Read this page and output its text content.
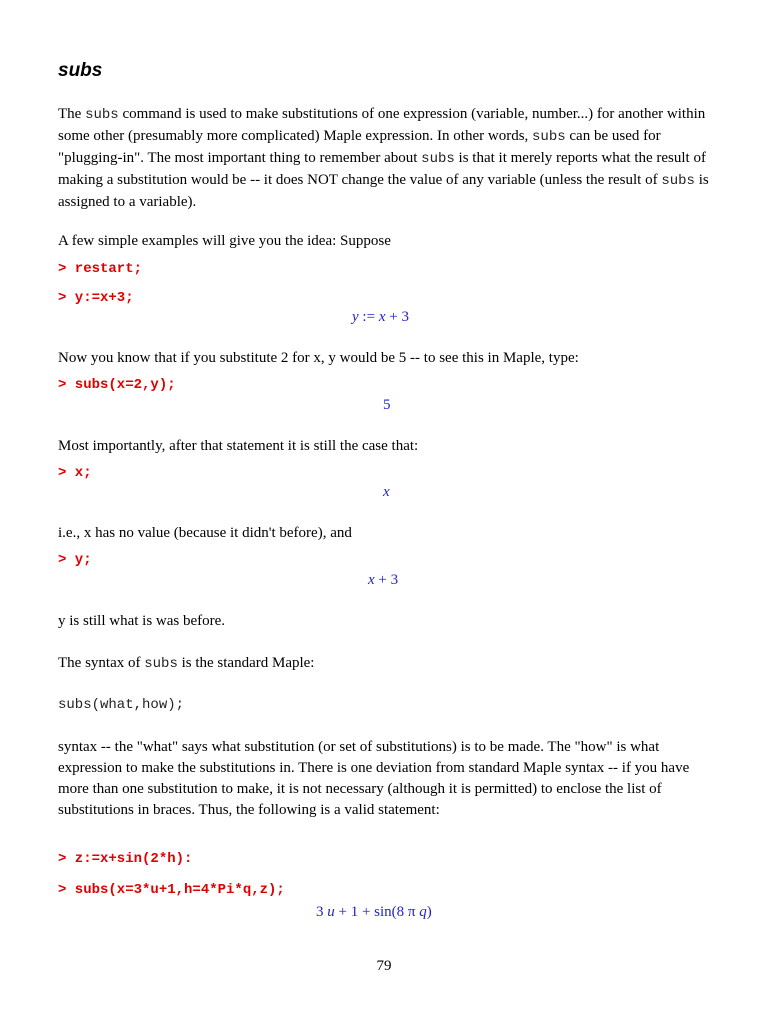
subs

The subs command is used to make substitutions of one expression (variable, number...) for another within some other (presumably more complicated) Maple expression. In other words, subs can be used for "plugging-in". The most important thing to remember about subs is that it merely reports what the result of making a substitution would be -- it does NOT change the value of any variable (unless the result of subs is assigned to a variable).

A few simple examples will give you the idea: Suppose

> restart;
> y:=x+3;
y := x + 3

Now you know that if you substitute 2 for x, y would be 5 -- to see this in Maple, type:

> subs(x=2,y);
5

Most importantly, after that statement it is still the case that:

> x;
x

i.e., x has no value (because it didn't before), and

> y;
x + 3

y is still what is was before.

The syntax of subs is the standard Maple:

subs(what,how);

syntax -- the "what" says what substitution (or set of substitutions) is to be made. The "how" is what expression to make the substitutions in. There is one deviation from standard Maple syntax -- if you have more than one substitution to make, it is not necessary (although it is permitted) to enclose the list of substitutions in braces. Thus, the following is a valid statement:

> z:=x+sin(2*h):
> subs(x=3*u+1,h=4*Pi*q,z);
3 u + 1 + sin(8 π q)
79
